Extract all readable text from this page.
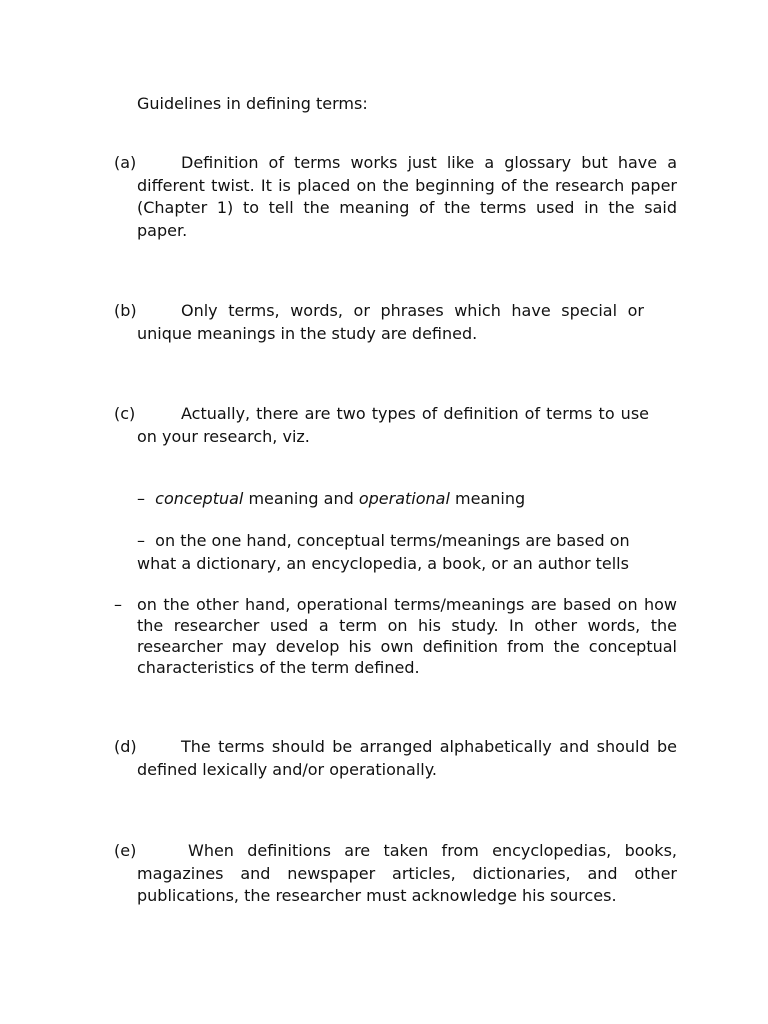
Guidelines in defining terms:
(a)	Definition of terms works just like a glossary but have a different twist. It is placed on the beginning of the research paper (Chapter 1) to tell the meaning of the terms used in the said paper.
(b)	Only terms, words, or phrases which have special or unique meanings in the study are defined.
(c)	Actually, there are two types of definition of terms to use on your research, viz.
– conceptual meaning and operational meaning
– on the one hand, conceptual terms/meanings are based on
what a dictionary, an encyclopedia, a book, or an author tells
– on the other hand, operational terms/meanings are based on how the researcher used a term on his study. In other words, the researcher may develop his own definition from the conceptual characteristics of the term defined.
(d)	The terms should be arranged alphabetically and should be defined lexically and/or operationally.
(e)	When definitions are taken from encyclopedias, books, magazines and newspaper articles, dictionaries, and other publications, the researcher must acknowledge his sources.
